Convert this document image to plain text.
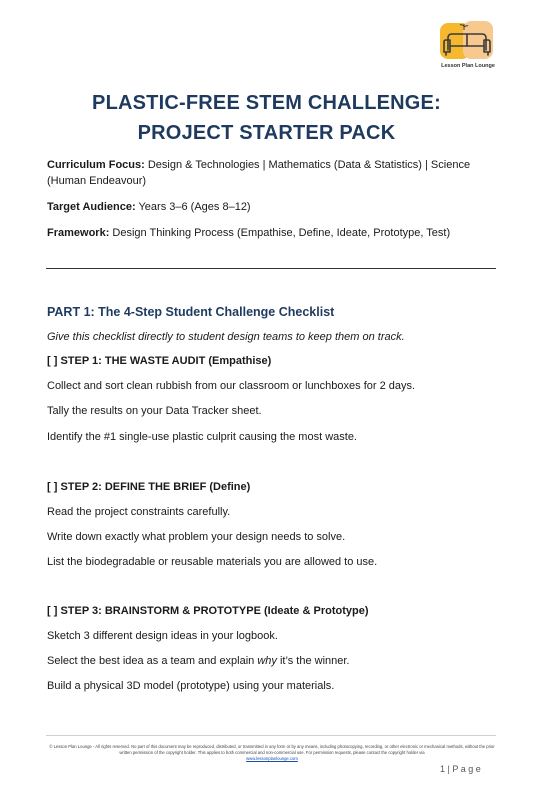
Lesson Plan Lounge
PLASTIC-FREE STEM CHALLENGE:
PROJECT STARTER PACK
Curriculum Focus: Design & Technologies | Mathematics (Data & Statistics) | Science (Human Endeavour)
Target Audience: Years 3–6 (Ages 8–12)
Framework: Design Thinking Process (Empathise, Define, Ideate, Prototype, Test)
PART 1: The 4-Step Student Challenge Checklist
Give this checklist directly to student design teams to keep them on track.
[ ] STEP 1: THE WASTE AUDIT (Empathise)
Collect and sort clean rubbish from our classroom or lunchboxes for 2 days.
Tally the results on your Data Tracker sheet.
Identify the #1 single-use plastic culprit causing the most waste.
[ ] STEP 2: DEFINE THE BRIEF (Define)
Read the project constraints carefully.
Write down exactly what problem your design needs to solve.
List the biodegradable or reusable materials you are allowed to use.
[ ] STEP 3: BRAINSTORM & PROTOTYPE (Ideate & Prototype)
Sketch 3 different design ideas in your logbook.
Select the best idea as a team and explain why it’s the winner.
Build a physical 3D model (prototype) using your materials.
© Lesson Plan Lounge - All rights reserved. No part of this document may be reproduced, distributed, or transmitted in any form or by any means, including photocopying, recording, or other electronic or mechanical methods, without the prior written permission of the copyright holder. This applies to both commercial and non-commercial use. For permission requests, please contact the copyright holder via
www.lessonplanlounge.com
1 | P a g e
